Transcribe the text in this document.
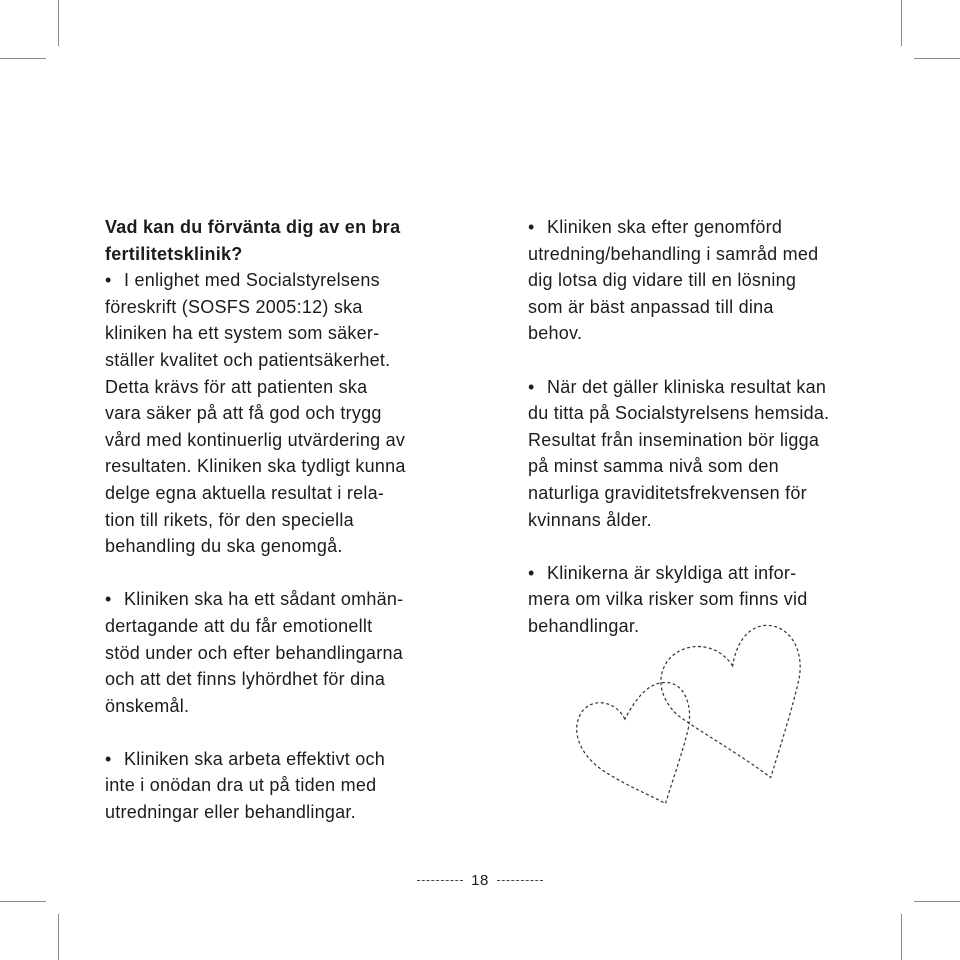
Vad kan du förvänta dig av en bra
fertilitetsklinik?

• I enlighet med Socialstyrelsens
föreskrift (SOSFS 2005:12) ska
kliniken ha ett system som säker-
ställer kvalitet och patientsäkerhet.
Detta krävs för att patienten ska
vara säker på att få god och trygg
vård med kontinuerlig utvärdering av
resultaten. Kliniken ska tydligt kunna
delge egna aktuella resultat i rela-
tion till rikets, för den speciella
behandling du ska genomgå.

• Kliniken ska ha ett sådant omhän-
dertagande att du får emotionellt
stöd under och efter behandlingarna
och att det finns lyhördhet för dina
önskemål.

• Kliniken ska arbeta effektivt och
inte i onödan dra ut på tiden med
utredningar eller behandlingar.

• Kliniken ska efter genomförd
utredning/behandling i samråd med
dig lotsa dig vidare till en lösning
som är bäst anpassad till dina
behov.

• När det gäller kliniska resultat kan
du titta på Socialstyrelsens hemsida.
Resultat från insemination bör ligga
på minst samma nivå som den
naturliga graviditetsfrekvensen för
kvinnans ålder.

• Klinikerna är skyldiga att infor-
mera om vilka risker som finns vid
behandlingar.

18
